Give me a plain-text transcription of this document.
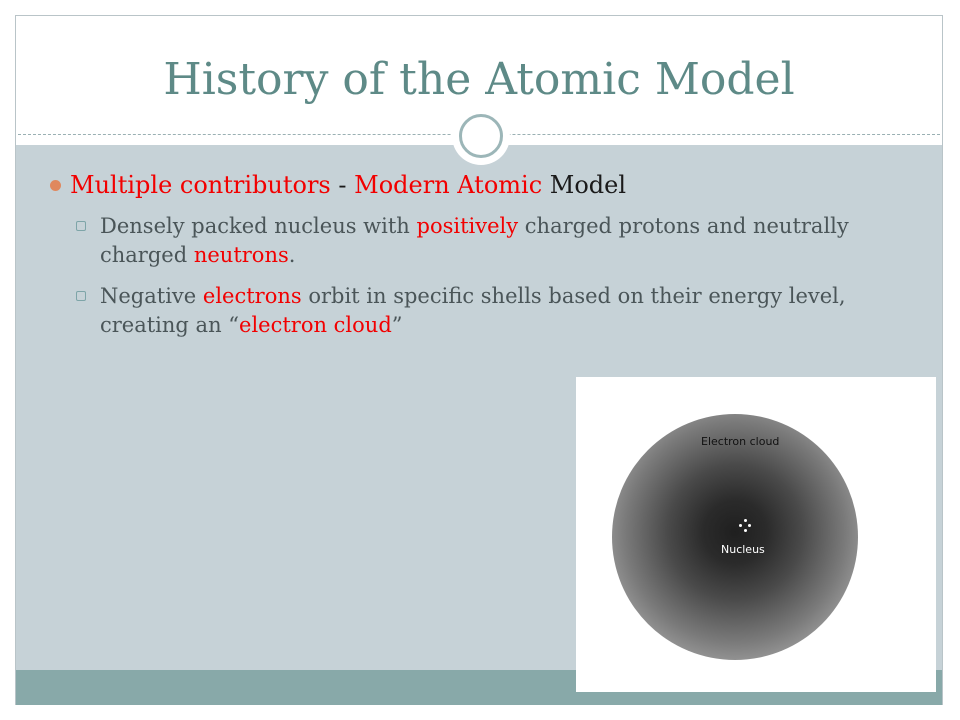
History of the Atomic Model

Multiple contributors - Modern Atomic Model

Densely packed nucleus with positively charged protons and neutrally charged neutrons.

Negative electrons orbit in specific shells based on their energy level, creating an “electron cloud”

Electron cloud
Nucleus
